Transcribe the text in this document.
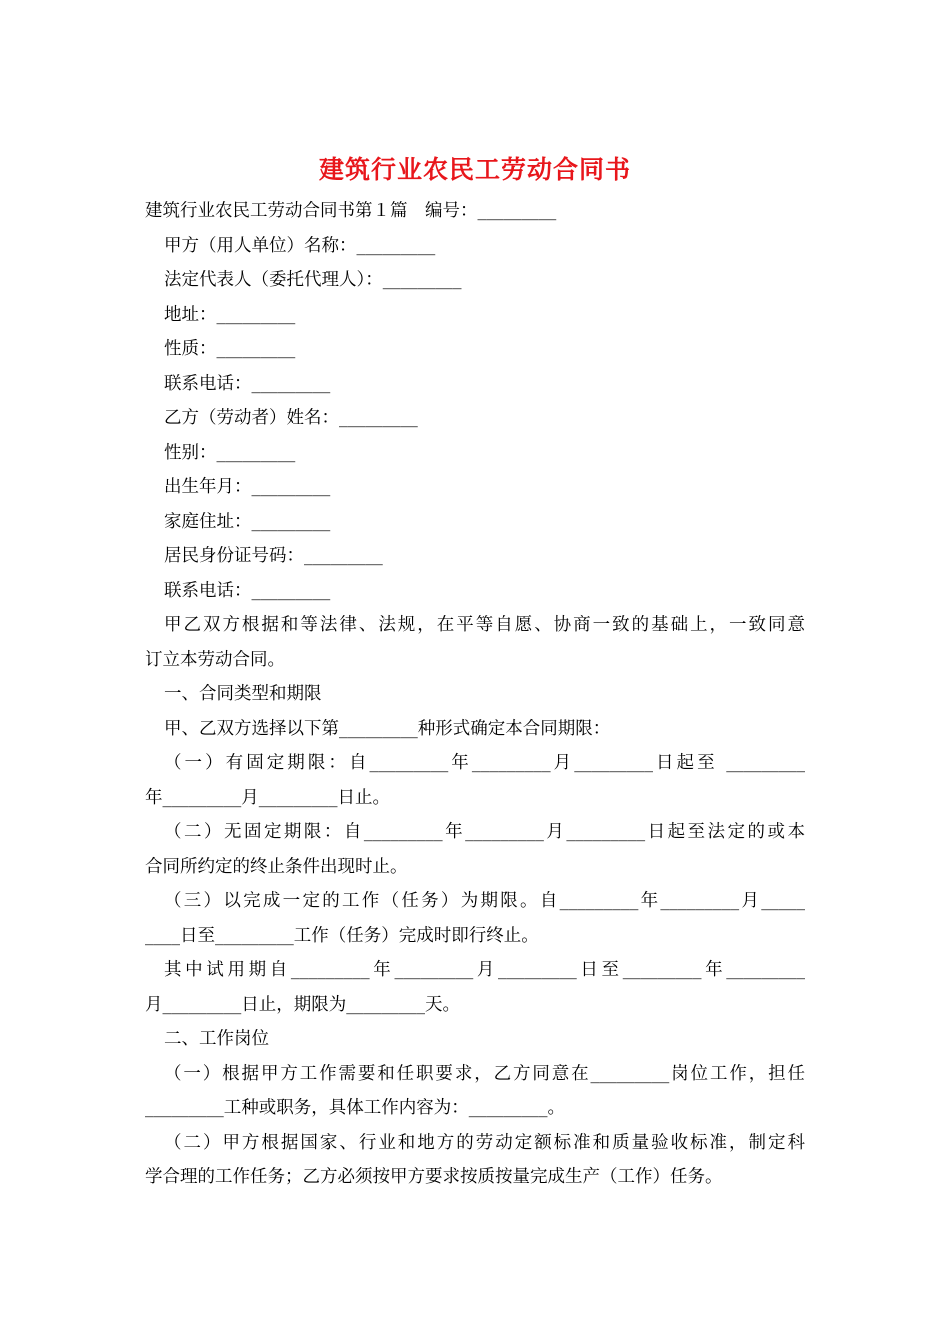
建筑行业农民工劳动合同书

建筑行业农民工劳动合同书第１篇　编号：_________

甲方（用人单位）名称：_________

法定代表人（委托代理人）：_________

地址：_________

性质：_________

联系电话：_________

乙方（劳动者）姓名：_________

性别：_________

出生年月：_________

家庭住址：_________

居民身份证号码：_________

联系电话：_________

甲乙双方根据和等法律、法规，在平等自愿、协商一致的基础上，一致同意

订立本劳动合同。

一、合同类型和期限

甲、乙双方选择以下第_________种形式确定本合同期限：

（一）有固定期限：自_________年_________月_________日起至 _________

年_________月_________日止。

（二）无固定期限：自_________年_________月_________日起至法定的或本

合同所约定的终止条件出现时止。

（三）以完成一定的工作（任务）为期限。自_________年_________月_____

____日至_________工作（任务）完成时即行终止。

其中试用期自_________年_________月_________日至_________年_________

月_________日止，期限为_________天。

二、工作岗位

（一）根据甲方工作需要和任职要求，乙方同意在_________岗位工作，担任

_________工种或职务，具体工作内容为：_________。

（二）甲方根据国家、行业和地方的劳动定额标准和质量验收标准，制定科

学合理的工作任务；乙方必须按甲方要求按质按量完成生产（工作）任务。
